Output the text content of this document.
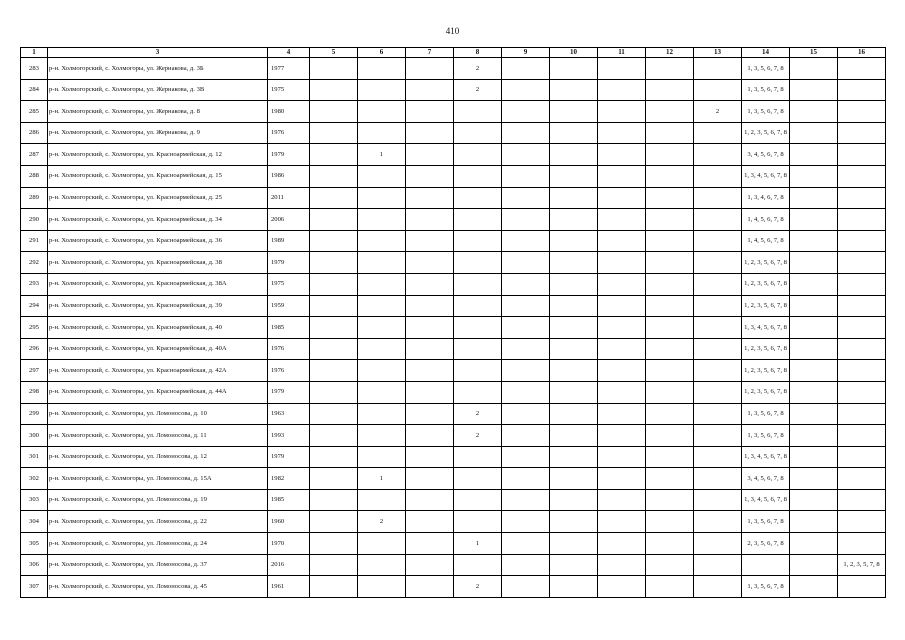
410
1	3	4	5	6	7	8	9	10	11	12	13	14	15	16
283	р-н. Холмогорский, с. Холмогоры, ул. Жернакова, д. 3Б	1977				2						1, 3, 5, 6, 7, 8		
284	р-н. Холмогорский, с. Холмогоры, ул. Жернакова, д. 3В	1975				2						1, 3, 5, 6, 7, 8		
285	р-н. Холмогорский, с. Холмогоры, ул. Жернакова, д. 8	1980									2	1, 3, 5, 6, 7, 8		
286	р-н. Холмогорский, с. Холмогоры, ул. Жернакова, д. 9	1976										1, 2, 3, 5, 6, 7, 8		
287	р-н. Холмогорский, с. Холмогоры, ул. Красноармейская, д. 12	1979		1								3, 4, 5, 6, 7, 8		
288	р-н. Холмогорский, с. Холмогоры, ул. Красноармейская, д. 15	1986										1, 3, 4, 5, 6, 7, 8		
289	р-н. Холмогорский, с. Холмогоры, ул. Красноармейская, д. 25	2011										1, 3, 4, 6, 7, 8		
290	р-н. Холмогорский, с. Холмогоры, ул. Красноармейская, д. 34	2006										1, 4, 5, 6, 7, 8		
291	р-н. Холмогорский, с. Холмогоры, ул. Красноармейская, д. 36	1989										1, 4, 5, 6, 7, 8		
292	р-н. Холмогорский, с. Холмогоры, ул. Красноармейская, д. 38	1979										1, 2, 3, 5, 6, 7, 8		
293	р-н. Холмогорский, с. Холмогоры, ул. Красноармейская, д. 38А	1975										1, 2, 3, 5, 6, 7, 8		
294	р-н. Холмогорский, с. Холмогоры, ул. Красноармейская, д. 39	1959										1, 2, 3, 5, 6, 7, 8		
295	р-н. Холмогорский, с. Холмогоры, ул. Красноармейская, д. 40	1985										1, 3, 4, 5, 6, 7, 8		
296	р-н. Холмогорский, с. Холмогоры, ул. Красноармейская, д. 40А	1976										1, 2, 3, 5, 6, 7, 8		
297	р-н. Холмогорский, с. Холмогоры, ул. Красноармейская, д. 42А	1976										1, 2, 3, 5, 6, 7, 8		
298	р-н. Холмогорский, с. Холмогоры, ул. Красноармейская, д. 44А	1979										1, 2, 3, 5, 6, 7, 8		
299	р-н. Холмогорский, с. Холмогоры, ул. Ломоносова, д. 10	1963				2						1, 3, 5, 6, 7, 8		
300	р-н. Холмогорский, с. Холмогоры, ул. Ломоносова, д. 11	1993				2						1, 3, 5, 6, 7, 8		
301	р-н. Холмогорский, с. Холмогоры, ул. Ломоносова, д. 12	1979										1, 3, 4, 5, 6, 7, 8		
302	р-н. Холмогорский, с. Холмогоры, ул. Ломоносова, д. 15А	1982		1								3, 4, 5, 6, 7, 8		
303	р-н. Холмогорский, с. Холмогоры, ул. Ломоносова, д. 19	1985										1, 3, 4, 5, 6, 7, 8		
304	р-н. Холмогорский, с. Холмогоры, ул. Ломоносова, д. 22	1960		2								1, 3, 5, 6, 7, 8		
305	р-н. Холмогорский, с. Холмогоры, ул. Ломоносова, д. 24	1970				1						2, 3, 5, 6, 7, 8		
306	р-н. Холмогорский, с. Холмогоры, ул. Ломоносова, д. 37	2016												1, 2, 3, 5, 7, 8
307	р-н. Холмогорский, с. Холмогоры, ул. Ломоносова, д. 45	1961				2						1, 3, 5, 6, 7, 8		
